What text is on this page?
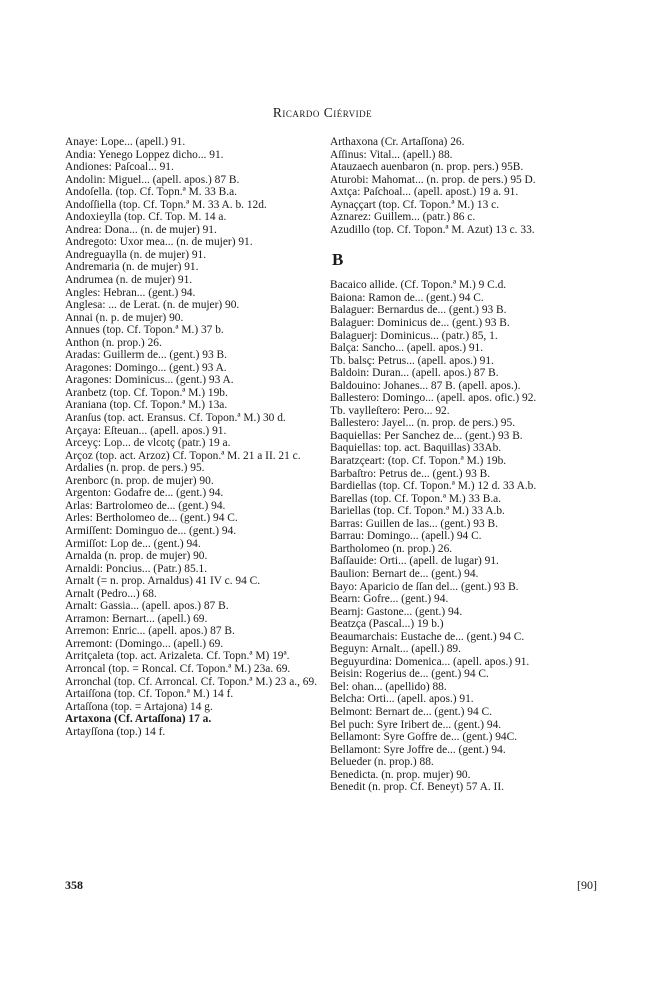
Ricardo Ciérvide

Anaye: Lope... (apell.) 91.

Andia: Yenego Loppez dicho... 91.

Andiones: Paſcoal... 91.

Andolin: Miguel... (apell. apos.) 87 B.

Andoſella. (top. Cf. Topn.ª M. 33 B.a.

Andoſſiella (top. Cf. Topn.ª M. 33 A. b. 12d.

Andoxieylla (top. Cf. Top. M. 14 a.

Andrea: Dona... (n. de mujer) 91.

Andregoto: Uxor mea... (n. de mujer) 91.

Andreguaylla (n. de mujer) 91.

Andremaria (n. de mujer) 91.

Andrumea (n. de mujer) 91.

Angles: Hebran... (gent.) 94.

Anglesa: ... de Lerat. (n. de mujer) 90.

Annai (n. p. de mujer) 90.

Annues (top. Cf. Topon.ª M.) 37 b.

Anthon (n. prop.) 26.

Aradas: Guillerm de... (gent.) 93 B.

Aragones: Domingo... (gent.) 93 A.

Aragones: Dominicus... (gent.) 93 A.

Aranbetz (top. Cf. Topon.ª M.) 19b.

Araniana (top. Cf. Topon.ª M.) 13a.

Aranſus (top. act. Eransus. Cf. Topon.ª M.) 30 d.

Arçaya: Eſteuan... (apell. apos.) 91.

Arceyç: Lop... de vlcotç (patr.) 19 a.

Arçoz (top. act. Arzoz) Cf. Topon.ª M. 21 a II. 21 c.

Ardalies (n. prop. de pers.) 95.

Arenborc (n. prop. de mujer) 90.

Argenton: Godafre de... (gent.) 94.

Arlas: Bartrolomeo de... (gent.) 94.

Arles: Bertholomeo de... (gent.) 94 C.

Armiſſent: Dominguo de... (gent.) 94.

Armiſſot: Lop de... (gent.) 94.

Arnalda (n. prop. de mujer) 90.

Arnaldi: Poncius... (Patr.) 85.1.

Arnalt (= n. prop. Arnaldus) 41 IV c. 94 C.

Arnalt (Pedro...) 68.

Arnalt: Gassia... (apell. apos.) 87 B.

Arramon: Bernart... (apell.) 69.

Arremon: Enric... (apell. apos.) 87 B.

Arremont: (Domingo... (apell.) 69.

Arritçaleta (top. act. Arizaleta. Cf. Topn.ª M) 19ª.

Arroncal (top. = Roncal. Cf. Topon.ª M.) 23a. 69.

Arronchal (top. Cf. Arroncal. Cf. Topon.ª M.) 23 a., 69.

Artaiſſona (top. Cf. Topon.ª M.) 14 f.

Artaſſona (top. = Artajona) 14 g.

Artaxona (Cf. Artaſſona) 17 a.

Artayſſona (top.) 14 f.

Arthaxona (Cr. Artaſſona) 26.

Aſſinus: Vital... (apell.) 88.

Atauzaech auenbaron (n. prop. pers.) 95B.

Aturobi: Mahomat... (n. prop. de pers.) 95 D.

Axtça: Paſchoal... (apell. apost.) 19 a. 91.

Aynaççart (top. Cf. Topon.ª M.) 13 c.

Aznarez: Guillem... (patr.) 86 c.

Azudillo (top. Cf. Topon.ª M. Azut) 13 c. 33.

B

Bacaico allide. (Cf. Topon.ª M.) 9 C.d.

Baiona: Ramon de... (gent.) 94 C.

Balaguer: Bernardus de... (gent.) 93 B.

Balaguer: Dominicus de... (gent.) 93 B.

Balaguerj: Dominicus... (patr.) 85, 1.

Balça: Sancho... (apell. apos.) 91.

Tb. balsç: Petrus... (apell. apos.) 91.

Baldoin: Duran... (apell. apos.) 87 B.

Baldouino: Johanes... 87 B. (apell. apos.).

Ballestero: Domingo... (apell. apos. ofic.) 92.

Tb. vaylleſtero: Pero... 92.

Ballestero: Jayel... (n. prop. de pers.) 95.

Baquiellas: Per Sanchez de... (gent.) 93 B.

Baquiellas: top. act. Baquillas) 33Ab.

Baratzçeart: (top. Cf. Topon.ª M.) 19b.

Barbaſtro: Petrus de... (gent.) 93 B.

Bardiellas (top. Cf. Topon.ª M.) 12 d. 33 A.b.

Barellas (top. Cf. Topon.ª M.) 33 B.a.

Bariellas (top. Cf. Topon.ª M.) 33 A.b.

Barras: Guillen de las... (gent.) 93 B.

Barrau: Domingo... (apell.) 94 C.

Bartholomeo (n. prop.) 26.

Baſſauide: Orti... (apell. de lugar) 91.

Baulion: Bernart de... (gent.) 94.

Bayo: Aparicio de ſſan del... (gent.) 93 B.

Bearn: Gofre... (gent.) 94.

Bearnj: Gastone... (gent.) 94.

Beatzça (Pascal...) 19 b.)

Beaumarchais: Eustache de... (gent.) 94 C.

Beguyn: Arnalt... (apell.) 89.

Beguyurdina: Domenica... (apell. apos.) 91.

Beisin: Rogerius de... (gent.) 94 C.

Bel: ohan... (apellido) 88.

Belcha: Orti... (apell. apos.) 91.

Belmont: Bernart de... (gent.) 94 C.

Bel puch: Syre Iribert de... (gent.) 94.

Bellamont: Syre Goffre de... (gent.) 94C.

Bellamont: Syre Joffre de... (gent.) 94.

Belueder (n. prop.) 88.

Benedicta. (n. prop. mujer) 90.

Benedit (n. prop. Cf. Beneyt) 57 A. II.

358	[90]
